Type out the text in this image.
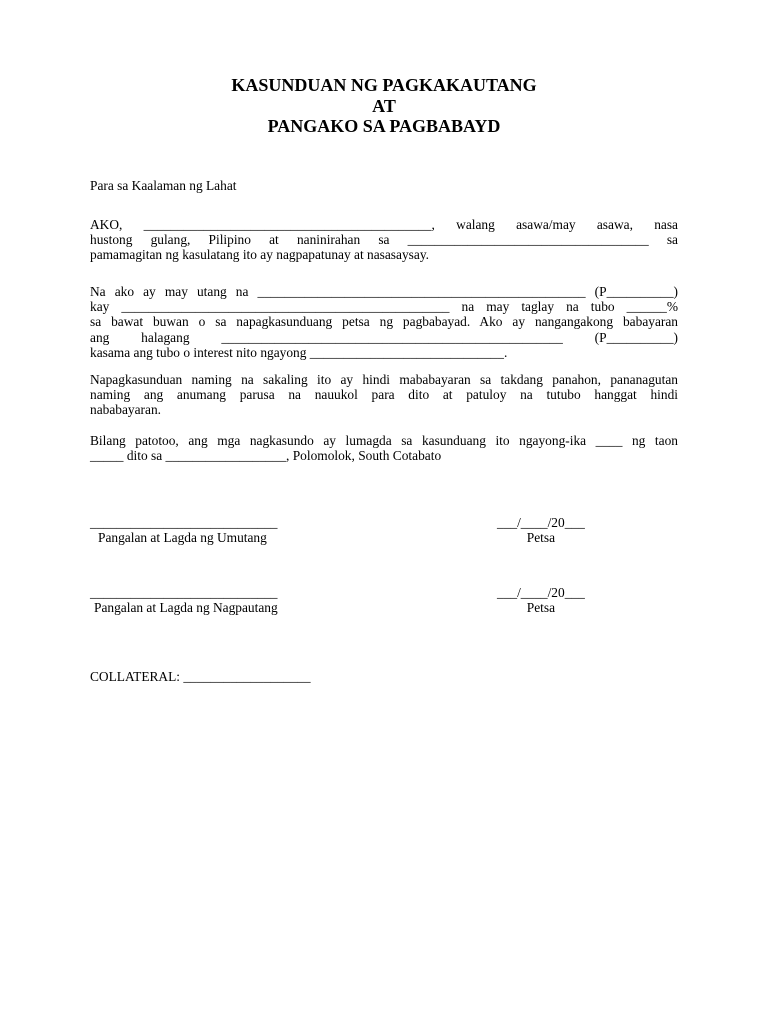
KASUNDUAN NG PAGKAKAUTANG
AT
PANGAKO SA PAGBABAYD
Para sa Kaalaman ng Lahat
AKO, ___________________________________________, walang asawa/may asawa, nasa
hustong gulang, Pilipino at naninirahan sa ____________________________________ sa
pamamagitan ng kasulatang ito ay nagpapatunay at nasasaysay.
Na ako ay may utang na _________________________________________________ (P__________)
kay _________________________________________________ na may taglay na tubo ______%
sa bawat buwan o sa napagkasunduang petsa ng pagbabayad. Ako ay nangangakong babayaran
ang halagang ___________________________________________________ (P__________)
kasama ang tubo o interest nito ngayong _____________________________.
Napagkasunduan naming na sakaling ito ay hindi mababayaran sa takdang panahon, pananagutan
naming ang anumang parusa na nauukol para dito at patuloy na tutubo hanggat hindi
nababayaran.
Bilang patotoo, ang mga nagkasundo ay lumagda sa kasunduang ito ngayong-ika ____ ng taon
_____ dito sa __________________, Polomolok, South Cotabato
____________________________
Pangalan at Lagda ng Umutang
___/____/20___
Petsa
____________________________
Pangalan at Lagda ng Nagpautang
___/____/20___
Petsa
COLLATERAL: ___________________
